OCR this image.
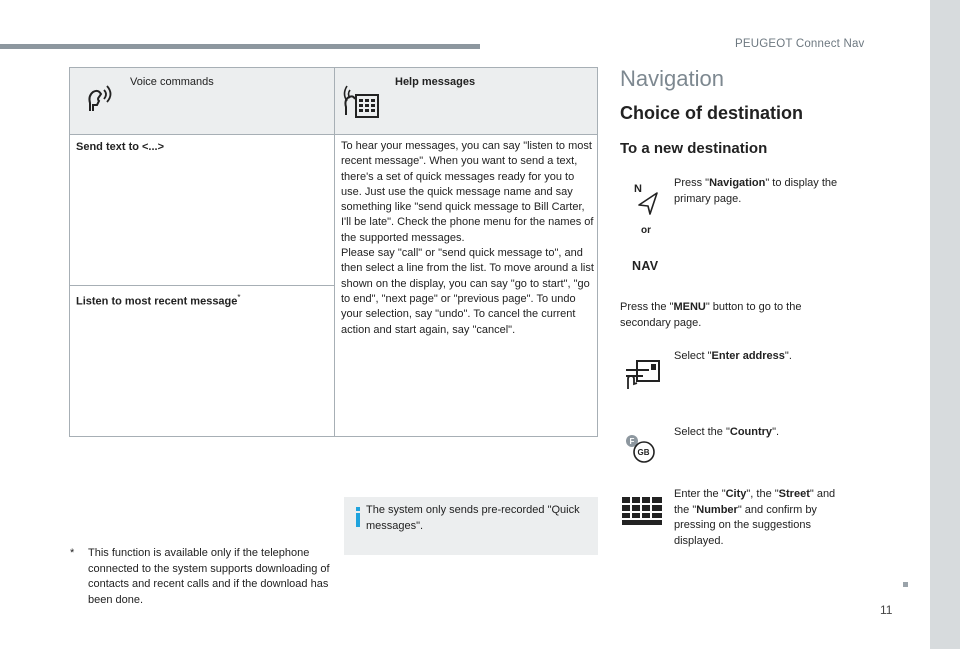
PEUGEOT Connect Nav
11
Voice commands	Help messages
Send text to <...>
Listen to most recent message*
To hear your messages, you can say "listen to most recent message". When you want to send a text, there's a set of quick messages ready for you to use. Just use the quick message name and say something like "send quick message to Bill Carter, I'll be late". Check the phone menu for the names of the supported messages.
Please say "call" or "send quick message to", and then select a line from the list. To move around a list shown on the display, you can say "go to start", "go to end", "next page" or "previous page". To undo your selection, say "undo". To cancel the current action and start again, say "cancel".
* This function is available only if the telephone connected to the system supports downloading of contacts and recent calls and if the download has been done.
The system only sends pre-recorded "Quick messages".
Navigation
Choice of destination
To a new destination
N
or
NAV
Press "Navigation" to display the primary page.
Press the "MENU" button to go to the secondary page.
Select "Enter address".
F
GB
Select the "Country".
Enter the "City", the "Street" and the "Number" and confirm by pressing on the suggestions displayed.
